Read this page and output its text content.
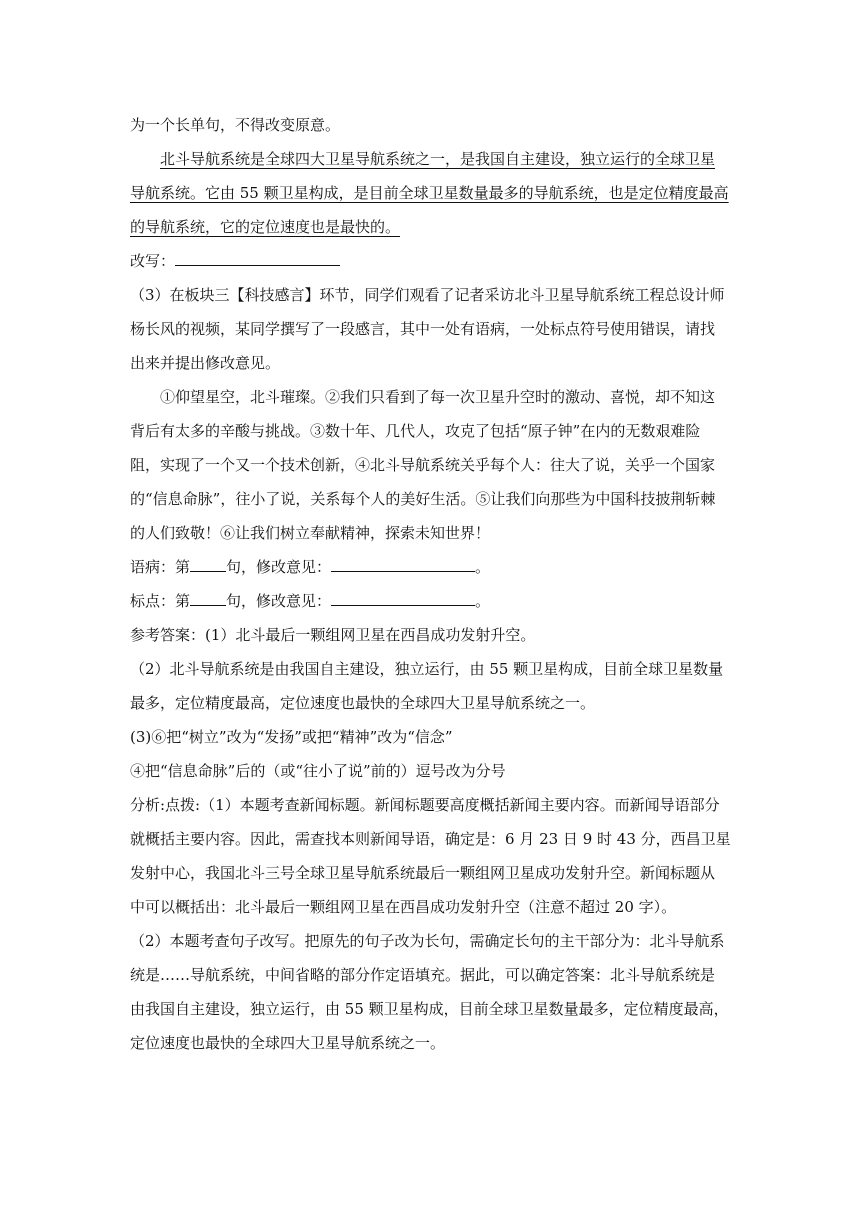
为一个长单句，不得改变原意。
北斗导航系统是全球四大卫星导航系统之一，是我国自主建设，独立运行的全球卫星
导航系统。它由 55 颗卫星构成，是目前全球卫星数量最多的导航系统，也是定位精度最高
的导航系统，它的定位速度也是最快的。
改写：
（3）在板块三【科技感言】环节，同学们观看了记者采访北斗卫星导航系统工程总设计师
杨长风的视频，某同学撰写了一段感言，其中一处有语病，一处标点符号使用错误，请找
出来并提出修改意见。
①仰望星空，北斗璀璨。②我们只看到了每一次卫星升空时的激动、喜悦，却不知这
背后有太多的辛酸与挑战。③数十年、几代人，攻克了包括“原子钟”在内的无数艰难险
阻，实现了一个又一个技术创新，④北斗导航系统关乎每个人：往大了说，关乎一个国家
的“信息命脉”，往小了说，关系每个人的美好生活。⑤让我们向那些为中国科技披荆斩棘
的人们致敬！⑥让我们树立奉献精神，探索未知世界！
语病：第 句，修改意见：	。
标点：第 句，修改意见：	。
参考答案：(1）北斗最后一颗组网卫星在西昌成功发射升空。
（2）北斗导航系统是由我国自主建设，独立运行，由 55 颗卫星构成，目前全球卫星数量
最多，定位精度最高，定位速度也最快的全球四大卫星导航系统之一。
(3)⑥把“树立”改为“发扬”或把“精神”改为“信念”
④把“信息命脉”后的（或“往小了说”前的）逗号改为分号
分析:点拨:（1）本题考查新闻标题。新闻标题要高度概括新闻主要内容。而新闻导语部分
就概括主要内容。因此，需查找本则新闻导语，确定是：6 月 23 日 9 时 43 分，西昌卫星
发射中心，我国北斗三号全球卫星导航系统最后一颗组网卫星成功发射升空。新闻标题从
中可以概括出：北斗最后一颗组网卫星在西昌成功发射升空（注意不超过 20 字）。
（2）本题考查句子改写。把原先的句子改为长句，需确定长句的主干部分为：北斗导航系
统是……导航系统，中间省略的部分作定语填充。据此，可以确定答案：北斗导航系统是
由我国自主建设，独立运行，由 55 颗卫星构成，目前全球卫星数量最多，定位精度最高，
定位速度也最快的全球四大卫星导航系统之一。
